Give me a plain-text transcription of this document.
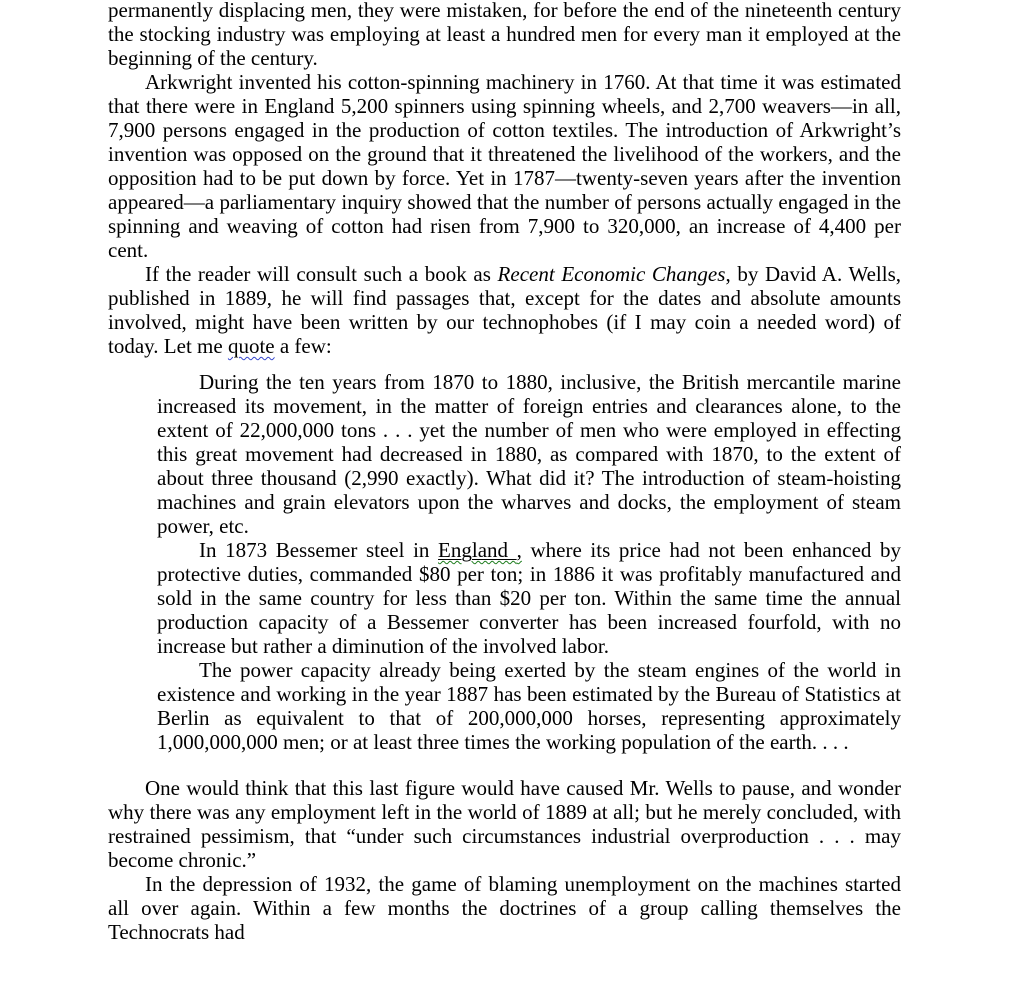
permanently displacing men, they were mistaken, for before the end of the nineteenth century the stocking industry was employing at least a hundred men for every man it employed at the beginning of the century.

Arkwright invented his cotton-spinning machinery in 1760. At that time it was estimated that there were in England 5,200 spinners using spinning wheels, and 2,700 weavers—in all, 7,900 persons engaged in the production of cotton textiles. The introduction of Arkwright’s invention was opposed on the ground that it threatened the livelihood of the workers, and the opposition had to be put down by force. Yet in 1787—twenty-seven years after the invention appeared—a parliamentary inquiry showed that the number of persons actually engaged in the spinning and weaving of cotton had risen from 7,900 to 320,000, an increase of 4,400 per cent.

If the reader will consult such a book as Recent Economic Changes, by David A. Wells, published in 1889, he will find passages that, except for the dates and absolute amounts involved, might have been written by our technophobes (if I may coin a needed word) of today. Let me quote a few:

During the ten years from 1870 to 1880, inclusive, the British mercantile marine increased its movement, in the matter of foreign entries and clearances alone, to the extent of 22,000,000 tons . . . yet the number of men who were employed in effecting this great movement had decreased in 1880, as compared with 1870, to the extent of about three thousand (2,990 exactly). What did it? The introduction of steam-hoisting machines and grain elevators upon the wharves and docks, the employment of steam power, etc.

In 1873 Bessemer steel in England , where its price had not been enhanced by protective duties, commanded $80 per ton; in 1886 it was profitably manufactured and sold in the same country for less than $20 per ton. Within the same time the annual production capacity of a Bessemer converter has been increased fourfold, with no increase but rather a diminution of the involved labor.

The power capacity already being exerted by the steam engines of the world in existence and working in the year 1887 has been estimated by the Bureau of Statistics at Berlin as equivalent to that of 200,000,000 horses, representing approximately 1,000,000,000 men; or at least three times the working population of the earth. . . .

One would think that this last figure would have caused Mr. Wells to pause, and wonder why there was any employment left in the world of 1889 at all; but he merely concluded, with restrained pessimism, that “under such circumstances industrial overproduction . . . may become chronic.”

In the depression of 1932, the game of blaming unemployment on the machines started all over again. Within a few months the doctrines of a group calling themselves the Technocrats had
